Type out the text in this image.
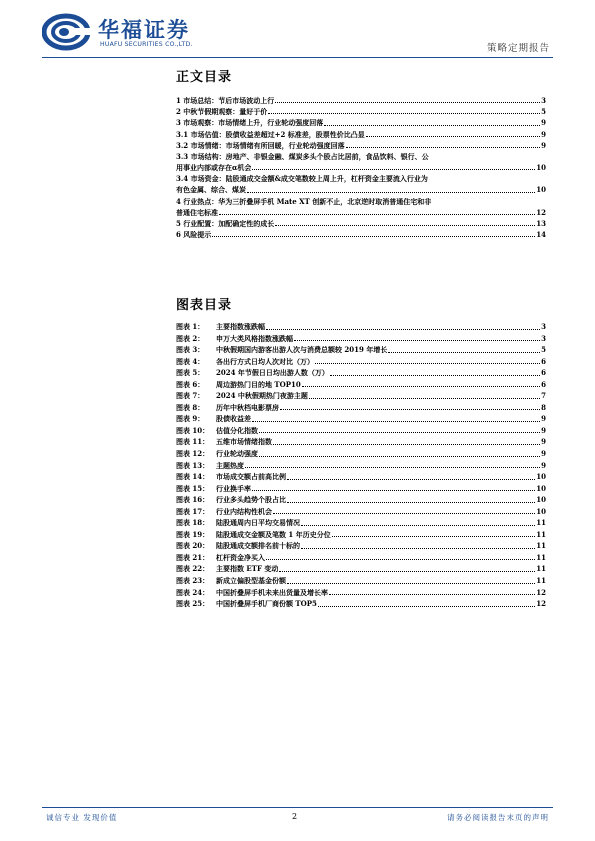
华福证券
HUAFU SECURITIES CO.,LTD.	策略定期报告
正文目录
1 市场总结：节后市场波动上行	3
2 中秋节假期观察：量好于价	5
3 市场观察：市场情绪上升，行业轮动强度回落	9
3.1 市场估值：股债收益差超过+2 标准差，股票性价比凸显	9
3.2 市场情绪：市场情绪有所回暖，行业轮动强度回落	9
3.3 市场结构：房地产、非银金融、煤炭多头个股占比居前，食品饮料、银行、公
用事业内部或存在α机会	10
3.4 市场资金：陆股通成交金额&成交笔数较上周上升，杠杆资金主要流入行业为
有色金属、综合、煤炭	10
4 行业热点：华为三折叠屏手机 Mate XT 创新不止，北京逆时取消普通住宅和非
普通住宅标准	12
5 行业配置：加配确定性的成长	13
6 风险提示	14
图表目录
图表 1：	主要指数涨跌幅	3
图表 2：	申万大类风格指数涨跌幅	3
图表 3：	中秋假期国内游客出游人次与消费总额较 2019 年增长	5
图表 4：	各出行方式日均人次对比（万）	6
图表 5：	2024 年节假日日均出游人数（万）	6
图表 6：	周边游热门目的地 TOP10	6
图表 7：	2024 中秋假期热门夜游主题	7
图表 8：	历年中秋档电影票房	8
图表 9：	股债收益差	9
图表 10： 估值分化指数	9
图表 11： 五维市场情绪指数	9
图表 12： 行业轮动强度	9
图表 13： 主题热度	9
图表 14： 市场成交额占前高比例	10
图表 15： 行业换手率	10
图表 16： 行业多头趋势个股占比	10
图表 17： 行业内结构性机会	10
图表 18： 陆股通周内日平均交易情况	11
图表 19： 陆股通成交金额及笔数 1 年历史分位	11
图表 20： 陆股通成交额排名前十标的	11
图表 21： 杠杆资金净买入	11
图表 22： 主要指数 ETF 变动	11
图表 23： 新成立偏股型基金份额	11
图表 24： 中国折叠屏手机未来出货量及增长率	12
图表 25： 中国折叠屏手机厂商份额 TOP5	12
诚信专业 发现价值	2	请务必阅读报告末页的声明
